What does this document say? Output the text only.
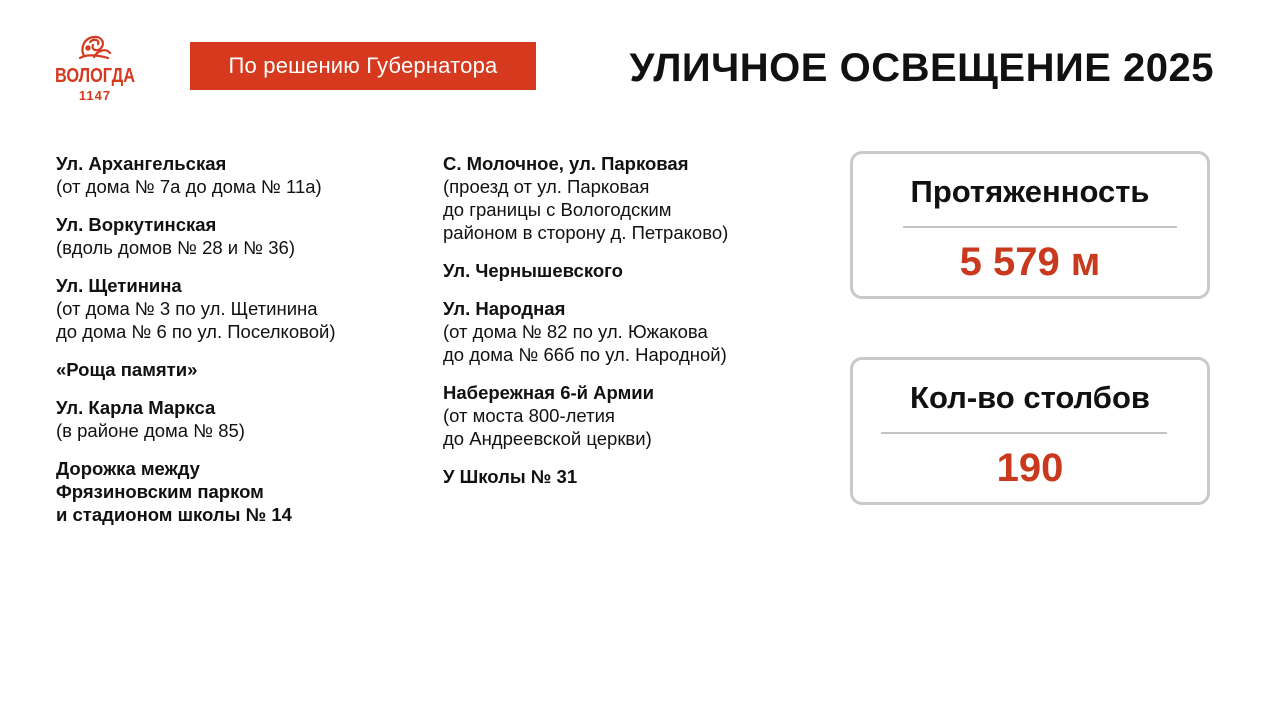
ВОЛОГДА
1147
По решению Губернатора	УЛИЧНОЕ ОСВЕЩЕНИЕ 2025
Ул. Архангельская
(от дома № 7а до дома № 11а)
Ул. Воркутинская
(вдоль домов № 28 и № 36)
Ул. Щетинина
(от дома № 3 по ул. Щетинина
до дома № 6 по ул. Поселковой)
«Роща памяти»
Ул. Карла Маркса
(в районе дома № 85)
Дорожка между
Фрязиновским парком
и стадионом школы № 14
С. Молочное, ул. Парковая
(проезд от ул. Парковая
до границы с Вологодским
районом в сторону д. Петраково)
Ул. Чернышевского
Ул. Народная
(от дома № 82 по ул. Южакова
до дома № 66б по ул. Народной)
Набережная 6-й Армии
(от моста 800-летия
до Андреевской церкви)
У Школы № 31
Протяженность
5 579 м
Кол-во столбов
190
